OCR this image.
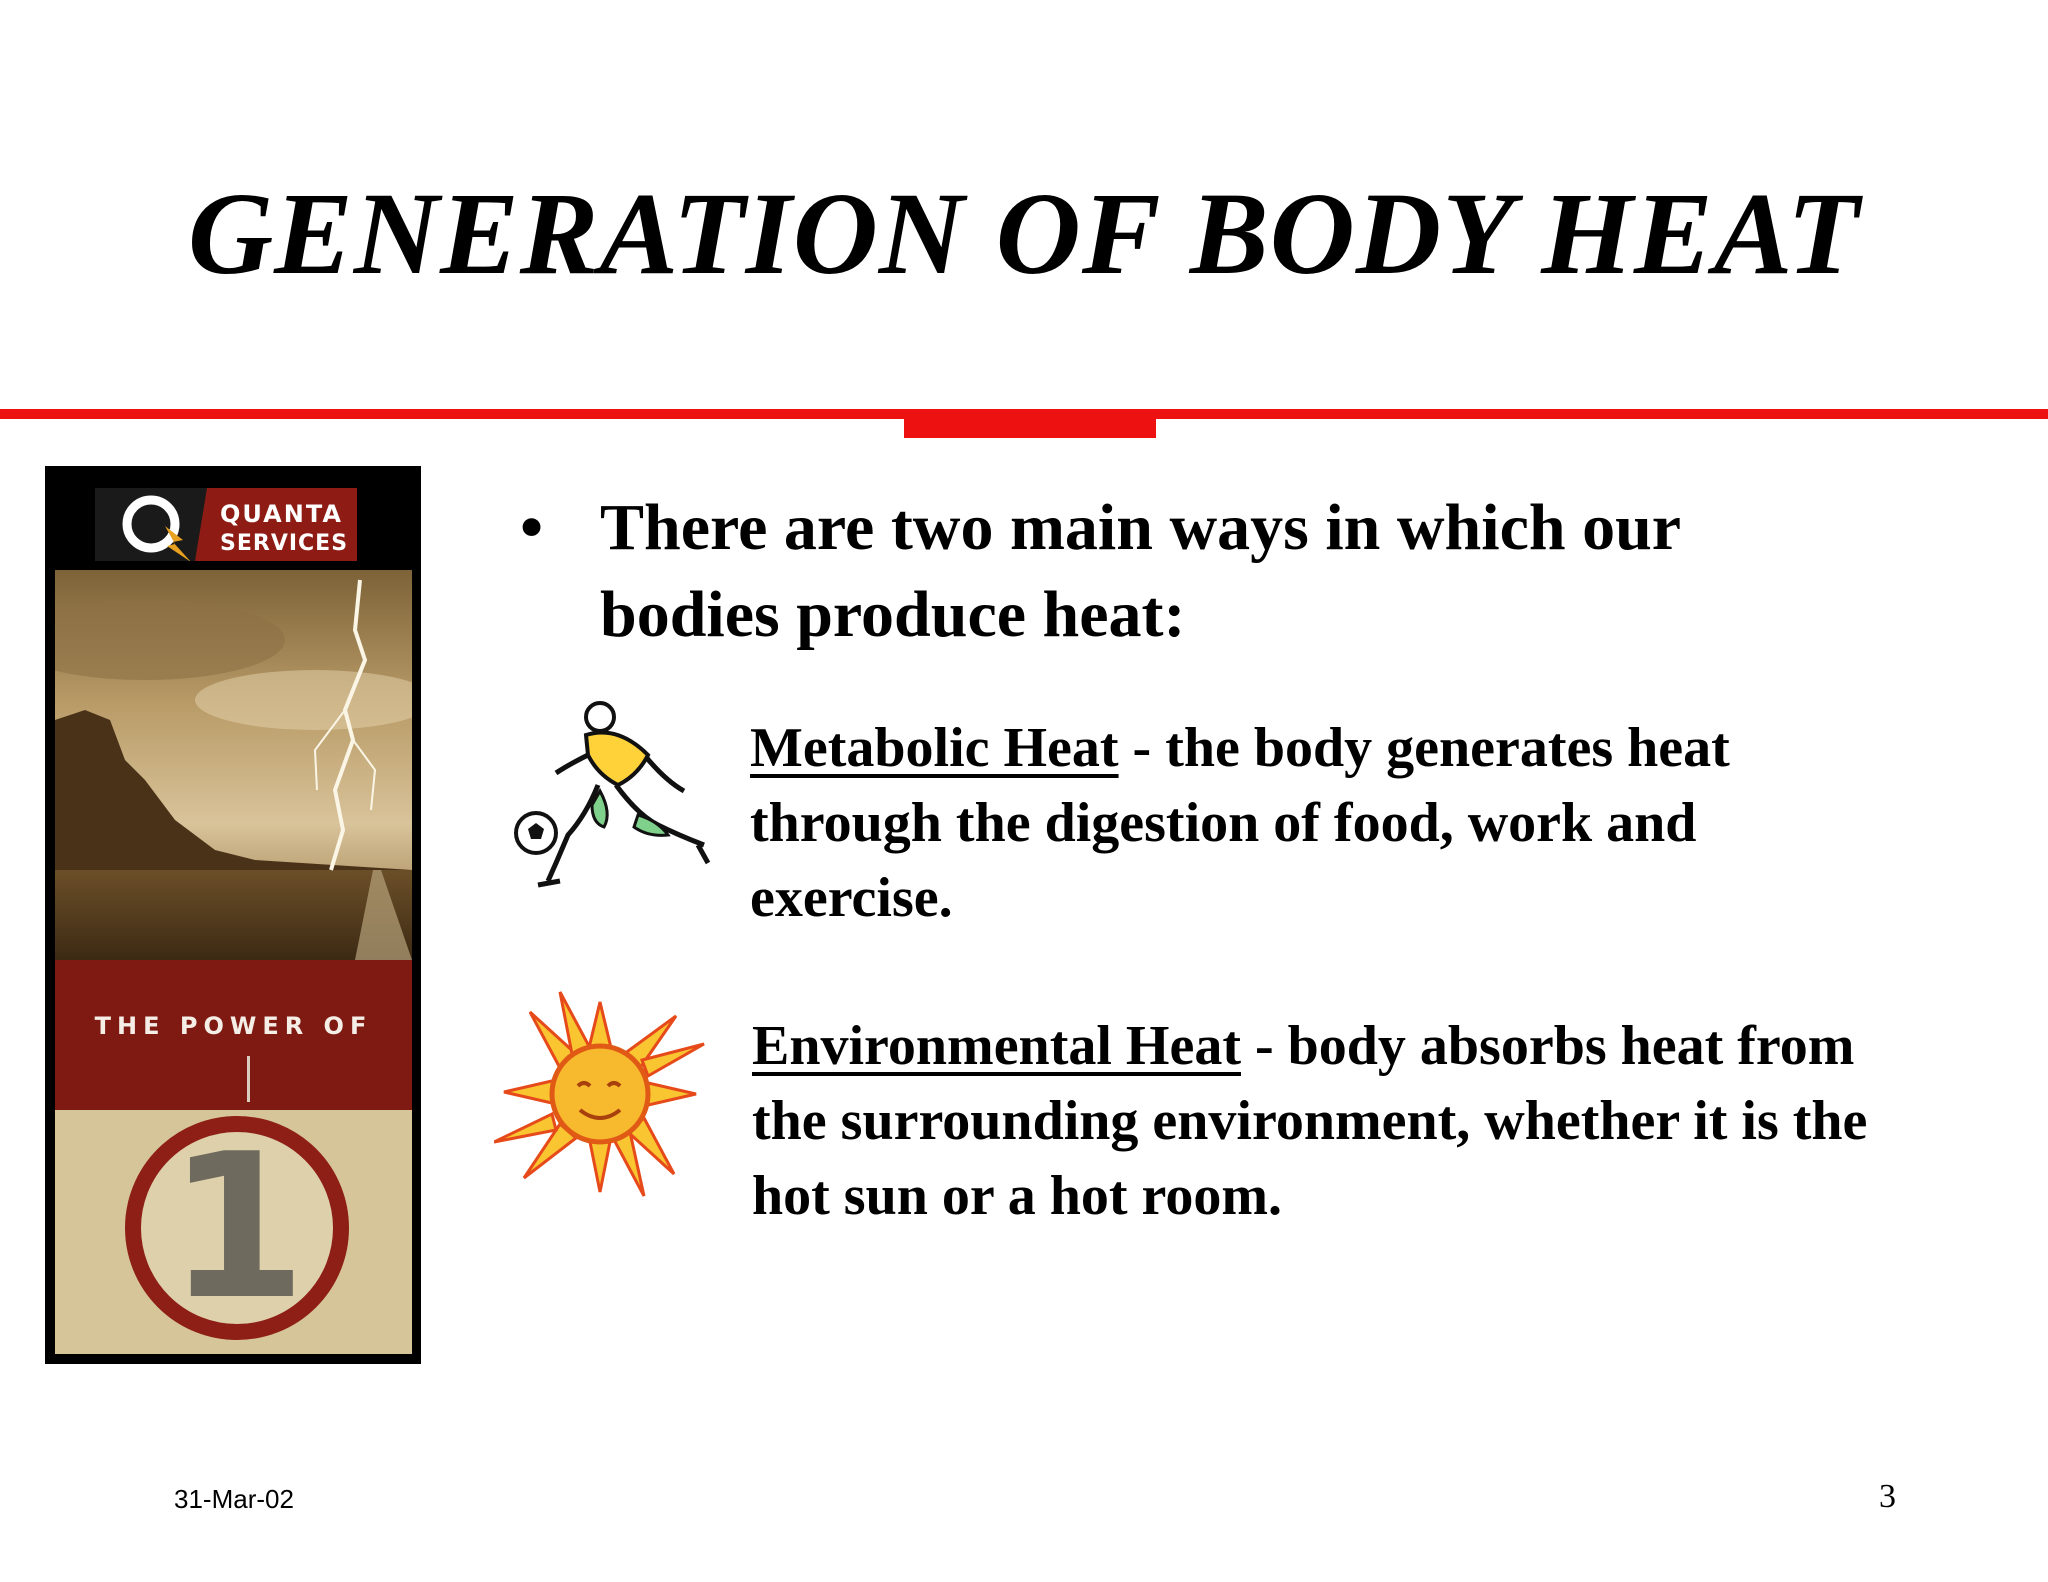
GENERATION OF BODY HEAT
QUANTA
SERVICES
THE POWER OF
1
• There are two main ways in which our bodies produce heat:
Metabolic Heat - the body generates heat through the digestion of food, work and exercise.
Environmental Heat - body absorbs heat from the surrounding environment, whether it is the hot sun or a hot room.
31-Mar-02	3
